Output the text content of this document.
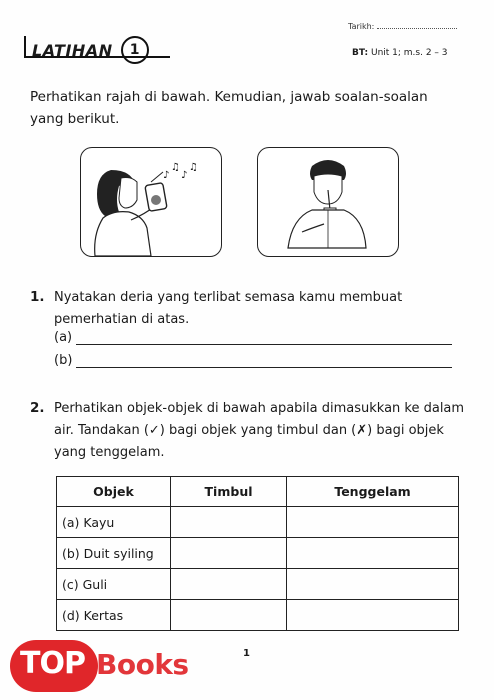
Tarikh:
LATIHAN	1	BT: Unit 1; m.s. 2 – 3
Perhatikan rajah di bawah. Kemudian, jawab soalan-soalan yang berikut.
♪
♫
♪
♫
1. Nyatakan deria yang terlibat semasa kamu membuat
pemerhatian di atas.
(a)
(b)
2. Perhatikan objek-objek di bawah apabila dimasukkan ke dalam
air. Tandakan (✓) bagi objek yang timbul dan (✗) bagi objek
yang tenggelam.
Objek	Timbul	Tenggelam
(a) Kayu		
(b) Duit syiling		
(c) Guli		
(d) Kertas		
1
TOP Books
